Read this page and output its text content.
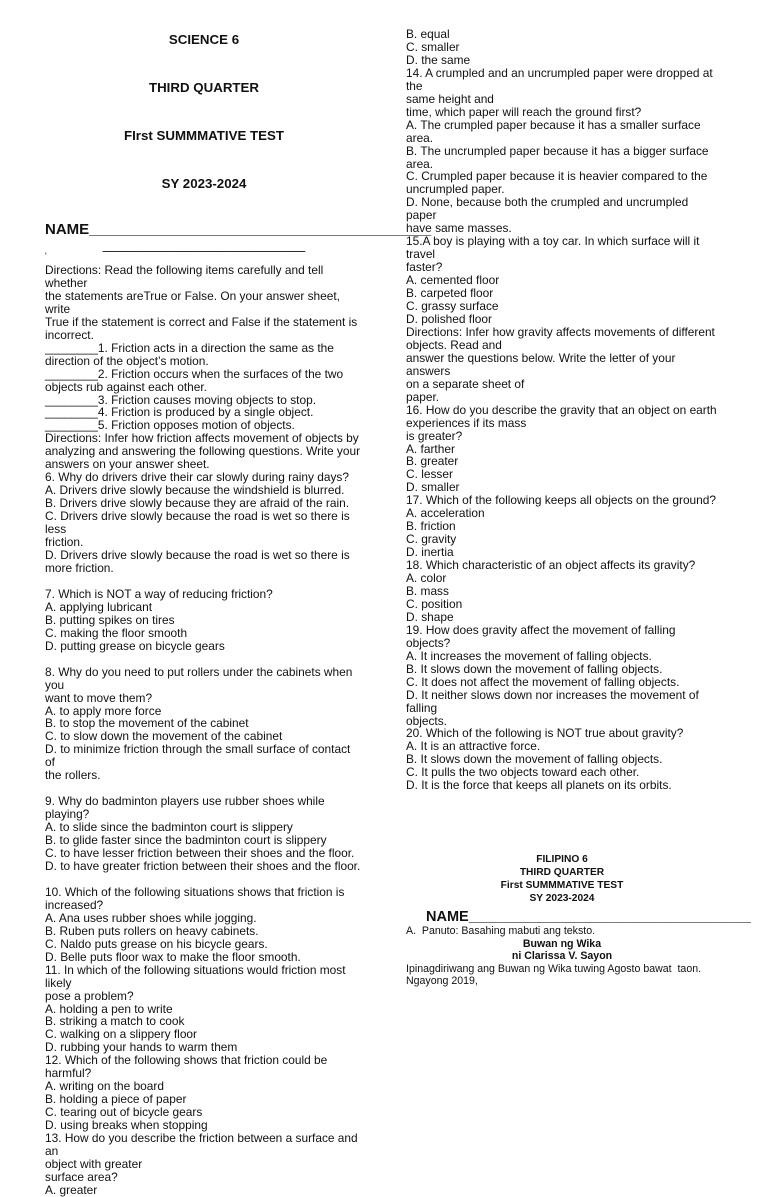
SCIENCE 6
THIRD QUARTER
FIrst SUMMMATIVE TEST
SY 2023-2024
NAME_________________________________________
__________________________
'
Directions: Read the following items carefully and tell whether
the statements areTrue or False. On your answer sheet, write
True if the statement is correct and False if the statement is
incorrect.
________1. Friction acts in a direction the same as the
direction of the object’s motion.
________2. Friction occurs when the surfaces of the two
objects rub against each other.
________3. Friction causes moving objects to stop.
________4. Friction is produced by a single object.
________5. Friction opposes motion of objects.
Directions: Infer how friction affects movement of objects by
analyzing and answering the following questions. Write your
answers on your answer sheet.
6. Why do drivers drive their car slowly during rainy days?
A. Drivers drive slowly because the windshield is blurred.
B. Drivers drive slowly because they are afraid of the rain.
C. Drivers drive slowly because the road is wet so there is less
friction.
D. Drivers drive slowly because the road is wet so there is
more friction.
7. Which is NOT a way of reducing friction?
A. applying lubricant
B. putting spikes on tires
C. making the floor smooth
D. putting grease on bicycle gears
8. Why do you need to put rollers under the cabinets when you
want to move them?
A. to apply more force
B. to stop the movement of the cabinet
C. to slow down the movement of the cabinet
D. to minimize friction through the small surface of contact of
the rollers.
9. Why do badminton players use rubber shoes while playing?
A. to slide since the badminton court is slippery
B. to glide faster since the badminton court is slippery
C. to have lesser friction between their shoes and the floor.
D. to have greater friction between their shoes and the floor.
10. Which of the following situations shows that friction is
increased?
A. Ana uses rubber shoes while jogging.
B. Ruben puts rollers on heavy cabinets.
C. Naldo puts grease on his bicycle gears.
D. Belle puts floor wax to make the floor smooth.
11. In which of the following situations would friction most likely
pose a problem?
A. holding a pen to write
B. striking a match to cook
C. walking on a slippery floor
D. rubbing your hands to warm them
12. Which of the following shows that friction could be harmful?
A. writing on the board
B. holding a piece of paper
C. tearing out of bicycle gears
D. using breaks when stopping
13. How do you describe the friction between a surface and an
object with greater
surface area?
A. greater
B. equal
C. smaller
D. the same
14. A crumpled and an uncrumpled paper were dropped at the
same height and
time, which paper will reach the ground first?
A. The crumpled paper because it has a smaller surface area.
B. The uncrumpled paper because it has a bigger surface
area.
C. Crumpled paper because it is heavier compared to the
uncrumpled paper.
D. None, because both the crumpled and uncrumpled paper
have same masses.
15.A boy is playing with a toy car. In which surface will it travel
faster?
A. cemented floor
B. carpeted floor
C. grassy surface
D. polished floor
Directions: Infer how gravity affects movements of different
objects. Read and
answer the questions below. Write the letter of your answers
on a separate sheet of
paper.
16. How do you describe the gravity that an object on earth
experiences if its mass
is greater?
A. farther
B. greater
C. lesser
D. smaller
17. Which of the following keeps all objects on the ground?
A. acceleration
B. friction
C. gravity
D. inertia
18. Which characteristic of an object affects its gravity?
A. color
B. mass
C. position
D. shape
19. How does gravity affect the movement of falling objects?
A. It increases the movement of falling objects.
B. It slows down the movement of falling objects.
C. It does not affect the movement of falling objects.
D. It neither slows down nor increases the movement of falling
objects.
20. Which of the following is NOT true about gravity?
A. It is an attractive force.
B. It slows down the movement of falling objects.
C. It pulls the two objects toward each other.
D. It is the force that keeps all planets on its orbits.
FILIPINO 6
THIRD QUARTER
First SUMMMATIVE TEST
SY 2023-2024
NAME___________________________________
A.  Panuto: Basahing mabuti ang teksto.
Buwan ng Wika
ni Clarissa V. Sayon
Ipinagdiriwang ang Buwan ng Wika tuwing Agosto bawat  taon.
Ngayong 2019,
